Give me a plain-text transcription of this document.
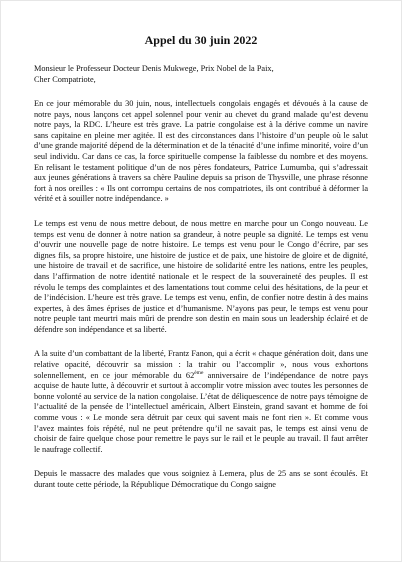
Appel du 30 juin 2022

Monsieur le Professeur Docteur Denis Mukwege, Prix Nobel de la Paix,

Cher Compatriote,

En ce jour mémorable du 30 juin, nous, intellectuels congolais engagés et dévoués à la cause de notre pays, nous lançons cet appel solennel pour venir au chevet du grand malade qu’est devenu notre pays, la RDC. L’heure est très grave. La patrie congolaise est à la dérive comme un navire sans capitaine en pleine mer agitée. Il est des circonstances dans l’histoire d’un peuple où le salut d’une grande majorité dépend de la détermination et de la ténacité d’une infime minorité, voire d’un seul individu. Car dans ce cas, la force spirituelle compense la faiblesse du nombre et des moyens. En relisant le testament politique d’un de nos pères fondateurs, Patrice Lumumba, qui s’adressait aux jeunes générations à travers sa chère Pauline depuis sa prison de Thysville, une phrase résonne fort à nos oreilles : « Ils ont corrompu certains de nos compatriotes, ils ont contribué à déformer la vérité et à souiller notre indépendance. »

Le temps est venu de nous mettre debout, de nous mettre en marche pour un Congo nouveau. Le temps est venu de donner à notre nation sa grandeur, à notre peuple sa dignité. Le temps est venu d’ouvrir une nouvelle page de notre histoire. Le temps est venu pour le Congo d’écrire, par ses dignes fils, sa propre histoire, une histoire de justice et de paix, une histoire de gloire et de dignité, une histoire de travail et de sacrifice, une histoire de solidarité entre les nations, entre les peuples, dans l’affirmation de notre identité nationale et le respect de la souveraineté des peuples. Il est révolu le temps des complaintes et des lamentations tout comme celui des hésitations, de la peur et de l’indécision. L’heure est très grave. Le temps est venu, enfin, de confier notre destin à des mains expertes, à des âmes éprises de justice et d’humanisme. N’ayons pas peur, le temps est venu pour notre peuple tant meurtri mais mûri de prendre son destin en main sous un leadership éclairé et de défendre son indépendance et sa liberté.

A la suite d’un combattant de la liberté, Frantz Fanon, qui a écrit « chaque génération doit, dans une relative opacité, découvrir sa mission : la trahir ou l’accomplir », nous vous exhortons solennellement, en ce jour mémorable du 62ème anniversaire de l’indépendance de notre pays acquise de haute lutte, à découvrir et surtout à accomplir votre mission avec toutes les personnes de bonne volonté au service de la nation congolaise. L’état de déliquescence de notre pays témoigne de l’actualité de la pensée de l’intellectuel américain, Albert Einstein, grand savant et homme de foi comme vous : « Le monde sera détruit par ceux qui savent mais ne font rien ». Et comme vous l’avez maintes fois répété, nul ne peut prétendre qu’il ne savait pas, le temps est ainsi venu de choisir de faire quelque chose pour remettre le pays sur le rail et le peuple au travail. Il faut arrêter le naufrage collectif.

Depuis le massacre des malades que vous soigniez à Lemera, plus de 25 ans se sont écoulés. Et durant toute cette période, la République Démocratique du Congo saigne
